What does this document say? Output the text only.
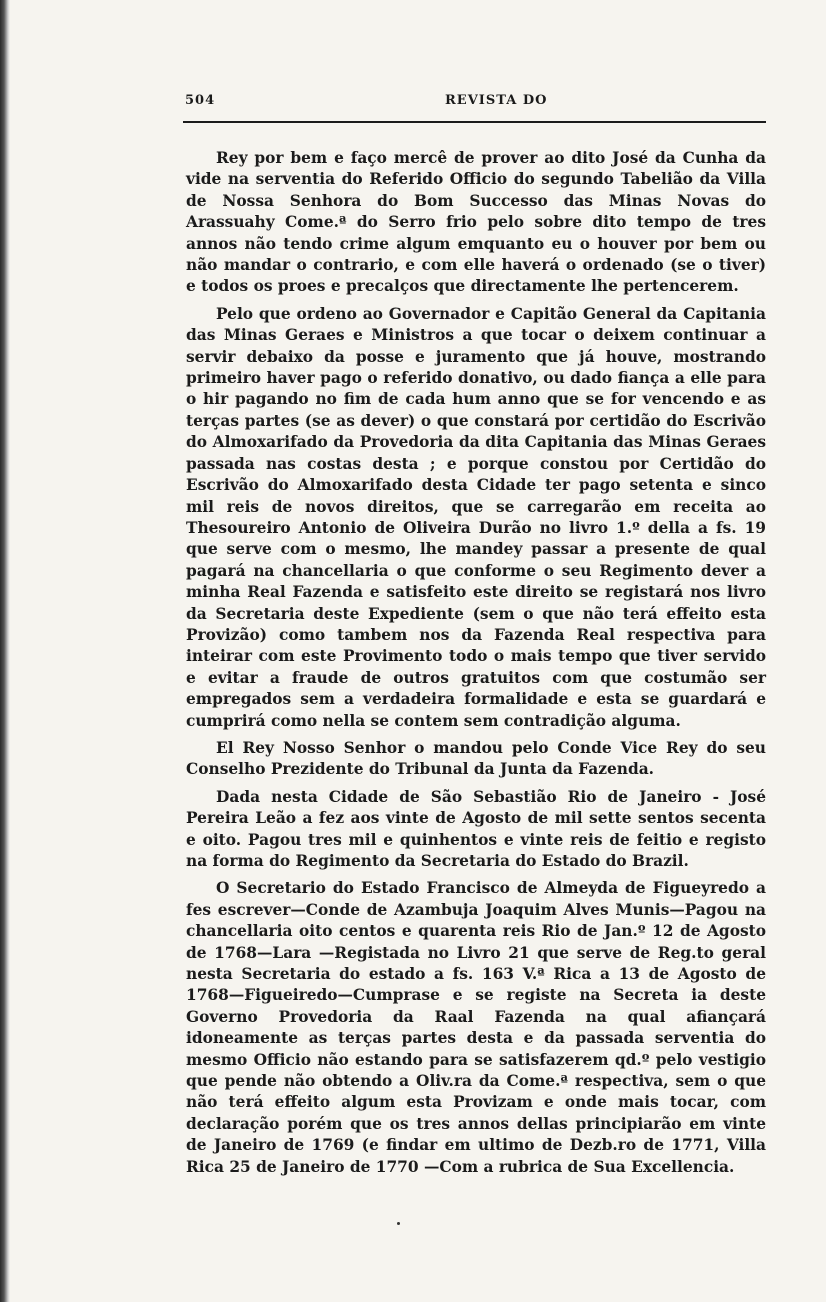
504	REVISTA DO

Rey por bem e faço mercê de prover ao dito José da Cunha da vide na serventia do Referido Officio do segundo Tabelião da Villa de Nossa Senhora do Bom Successo das Minas Novas do Arassuahy Come.ª do Serro frio pelo sobre dito tempo de tres annos não tendo crime algum emquanto eu o houver por bem ou não mandar o contrario, e com elle haverá o ordenado (se o tiver) e todos os proes e precalços que directamente lhe pertencerem.

Pelo que ordeno ao Governador e Capitão General da Capitania das Minas Geraes e Ministros a que tocar o deixem continuar a servir debaixo da posse e juramento que já houve, mostrando primeiro haver pago o referido donativo, ou dado fiança a elle para o hir pagando no fim de cada hum anno que se for vencendo e as terças partes (se as dever) o que constará por certidão do Escrivão do Almoxarifado da Provedoria da dita Capitania das Minas Geraes passada nas costas desta ; e porque constou por Certidão do Escrivão do Almoxarifado desta Cidade ter pago setenta e sinco mil reis de novos direitos, que se carregarão em receita ao Thesoureiro Antonio de Oliveira Durão no livro 1.º della a fs. 19 que serve com o mesmo, lhe mandey passar a presente de qual pagará na chancellaria o que conforme o seu Regimento dever a minha Real Fazenda e satisfeito este direito se registará nos livro da Secretaria deste Expediente (sem o que não terá effeito esta Provizão) como tambem nos da Fazenda Real respectiva para inteirar com este Provimento todo o mais tempo que tiver servido e evitar a fraude de outros gratuitos com que costumão ser empregados sem a verdadeira formalidade e esta se guardará e cumprirá como nella se contem sem contradição alguma.

El Rey Nosso Senhor o mandou pelo Conde Vice Rey do seu Conselho Prezidente do Tribunal da Junta da Fazenda.

Dada nesta Cidade de São Sebastião Rio de Janeiro - José Pereira Leão a fez aos vinte de Agosto de mil sette sentos secenta e oito. Pagou tres mil e quinhentos e vinte reis de feitio e registo na forma do Regimento da Secretaria do Estado do Brazil.

O Secretario do Estado Francisco de Almeyda de Figueyredo a fes escrever—Conde de Azambuja Joaquim Alves Munis—Pagou na chancellaria oito centos e quarenta reis Rio de Jan.º 12 de Agosto de 1768—Lara —Registada no Livro 21 que serve de Reg.to geral nesta Secretaria do estado a fs. 163 V.ª Rica a 13 de Agosto de 1768—Figueiredo—Cumprase e se registe na Secreta ia deste Governo Provedoria da Raal Fazenda na qual afiançará idoneamente as terças partes desta e da passada serventia do mesmo Officio não estando para se satisfazerem qd.º pelo vestigio que pende não obtendo a Oliv.ra da Come.ª respectiva, sem o que não terá effeito algum esta Provizam e onde mais tocar, com declaração porém que os tres annos dellas principiarão em vinte de Janeiro de 1769 (e findar em ultimo de Dezb.ro de 1771, Villa Rica 25 de Janeiro de 1770 —Com a rubrica de Sua Excellencia.
